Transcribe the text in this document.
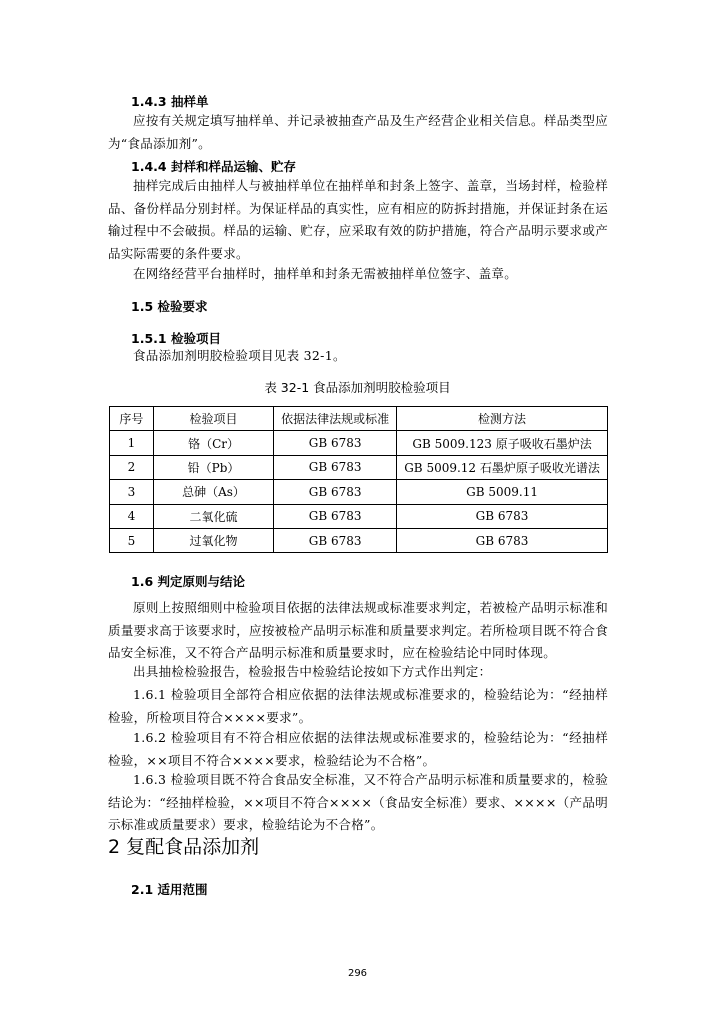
1.4.3 抽样单
应按有关规定填写抽样单、并记录被抽查产品及生产经营企业相关信息。样品类型应为“食品添加剂”。
1.4.4 封样和样品运输、贮存
抽样完成后由抽样人与被抽样单位在抽样单和封条上签字、盖章，当场封样，检验样品、备份样品分别封样。为保证样品的真实性，应有相应的防拆封措施，并保证封条在运输过程中不会破损。样品的运输、贮存，应采取有效的防护措施，符合产品明示要求或产品实际需要的条件要求。
在网络经营平台抽样时，抽样单和封条无需被抽样单位签字、盖章。
1.5 检验要求
1.5.1 检验项目
食品添加剂明胶检验项目见表 32-1。
表 32-1 食品添加剂明胶检验项目
序号	检验项目	依据法律法规或标准	检测方法
1	铬（Cr）	GB 6783	GB 5009.123 原子吸收石墨炉法
2	铅（Pb）	GB 6783	GB 5009.12 石墨炉原子吸收光谱法
3	总砷（As）	GB 6783	GB 5009.11
4	二氧化硫	GB 6783	GB 6783
5	过氧化物	GB 6783	GB 6783
1.6 判定原则与结论
原则上按照细则中检验项目依据的法律法规或标准要求判定，若被检产品明示标准和质量要求高于该要求时，应按被检产品明示标准和质量要求判定。若所检项目既不符合食品安全标准，又不符合产品明示标准和质量要求时，应在检验结论中同时体现。
出具抽检检验报告，检验报告中检验结论按如下方式作出判定：
1.6.1 检验项目全部符合相应依据的法律法规或标准要求的，检验结论为：“经抽样检验，所检项目符合××××要求”。
1.6.2 检验项目有不符合相应依据的法律法规或标准要求的，检验结论为：“经抽样检验，××项目不符合××××要求，检验结论为不合格”。
1.6.3 检验项目既不符合食品安全标准，又不符合产品明示标准和质量要求的，检验结论为：“经抽样检验，××项目不符合××××（食品安全标准）要求、××××（产品明示标准或质量要求）要求，检验结论为不合格”。
2 复配食品添加剂
2.1 适用范围
296
